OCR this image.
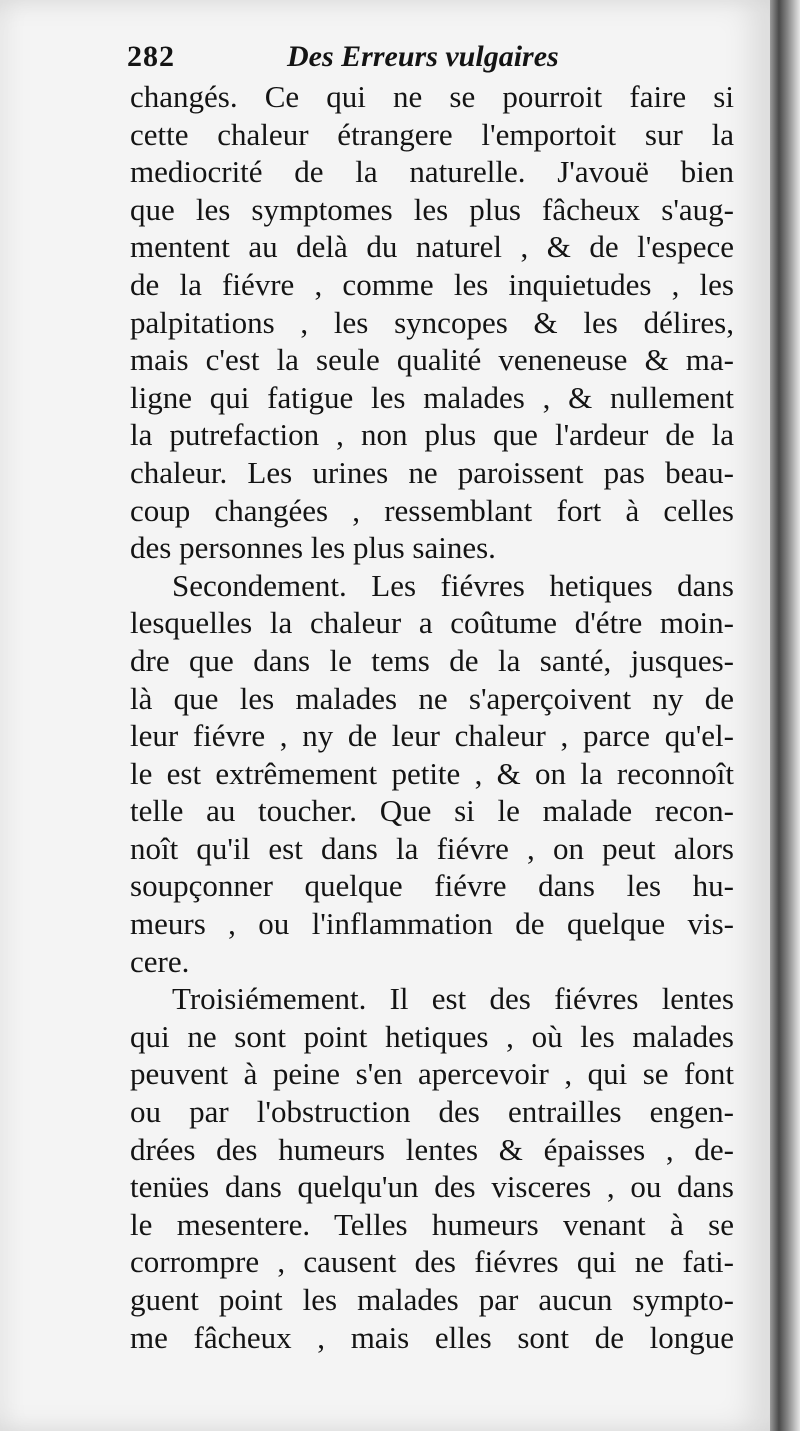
282	Des Erreurs vulgaires
changés. Ce qui ne se pourroit faire si
cette chaleur étrangere l'emportoit sur la
mediocrité de la naturelle. J'avouë bien
que les symptomes les plus fâcheux s'aug-
mentent au delà du naturel , & de l'espece
de la fiévre , comme les inquietudes , les
palpitations , les syncopes & les délires,
mais c'est la seule qualité veneneuse & ma-
ligne qui fatigue les malades , & nullement
la putrefaction , non plus que l'ardeur de la
chaleur. Les urines ne paroissent pas beau-
coup changées , ressemblant fort à celles
des personnes les plus saines.
Secondement. Les fiévres hetiques dans
lesquelles la chaleur a coûtume d'étre moin-
dre que dans le tems de la santé, jusques-
là que les malades ne s'aperçoivent ny de
leur fiévre , ny de leur chaleur , parce qu'el-
le est extrêmement petite , & on la reconnoît
telle au toucher. Que si le malade recon-
noît qu'il est dans la fiévre , on peut alors
soupçonner quelque fiévre dans les hu-
meurs , ou l'inflammation de quelque vis-
cere.
Troisiémement. Il est des fiévres lentes
qui ne sont point hetiques , où les malades
peuvent à peine s'en apercevoir , qui se font
ou par l'obstruction des entrailles engen-
drées des humeurs lentes & épaisses , de-
tenües dans quelqu'un des visceres , ou dans
le mesentere. Telles humeurs venant à se
corrompre , causent des fiévres qui ne fati-
guent point les malades par aucun sympto-
me fâcheux , mais elles sont de longue
